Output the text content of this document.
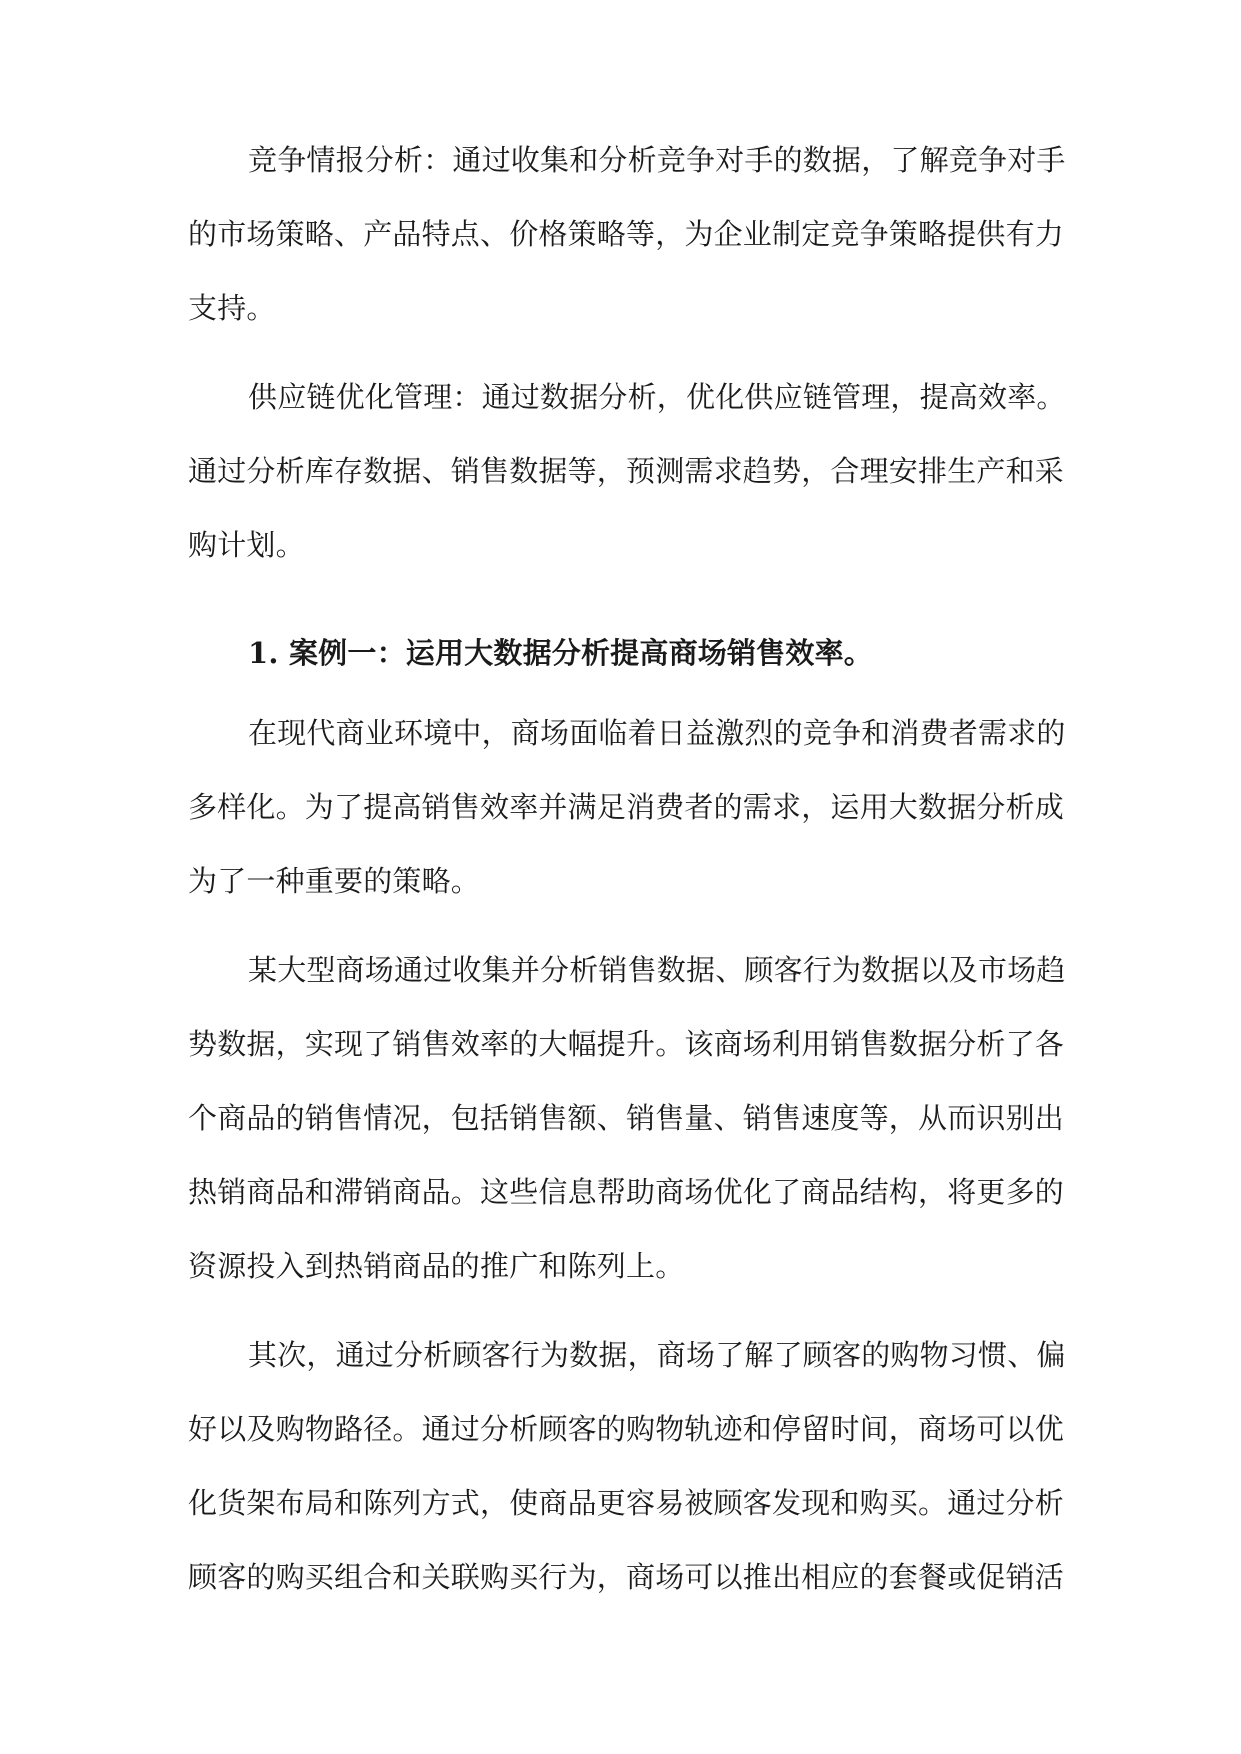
竞争情报分析：通过收集和分析竞争对手的数据，了解竞争对手
的市场策略、产品特点、价格策略等，为企业制定竞争策略提供有力
支持。
供应链优化管理：通过数据分析，优化供应链管理，提高效率。
通过分析库存数据、销售数据等，预测需求趋势，合理安排生产和采
购计划。
1. 案例一：运用大数据分析提高商场销售效率。
在现代商业环境中，商场面临着日益激烈的竞争和消费者需求的
多样化。为了提高销售效率并满足消费者的需求，运用大数据分析成
为了一种重要的策略。
某大型商场通过收集并分析销售数据、顾客行为数据以及市场趋
势数据，实现了销售效率的大幅提升。该商场利用销售数据分析了各
个商品的销售情况，包括销售额、销售量、销售速度等，从而识别出
热销商品和滞销商品。这些信息帮助商场优化了商品结构，将更多的
资源投入到热销商品的推广和陈列上。
其次，通过分析顾客行为数据，商场了解了顾客的购物习惯、偏
好以及购物路径。通过分析顾客的购物轨迹和停留时间，商场可以优
化货架布局和陈列方式，使商品更容易被顾客发现和购买。通过分析
顾客的购买组合和关联购买行为，商场可以推出相应的套餐或促销活
